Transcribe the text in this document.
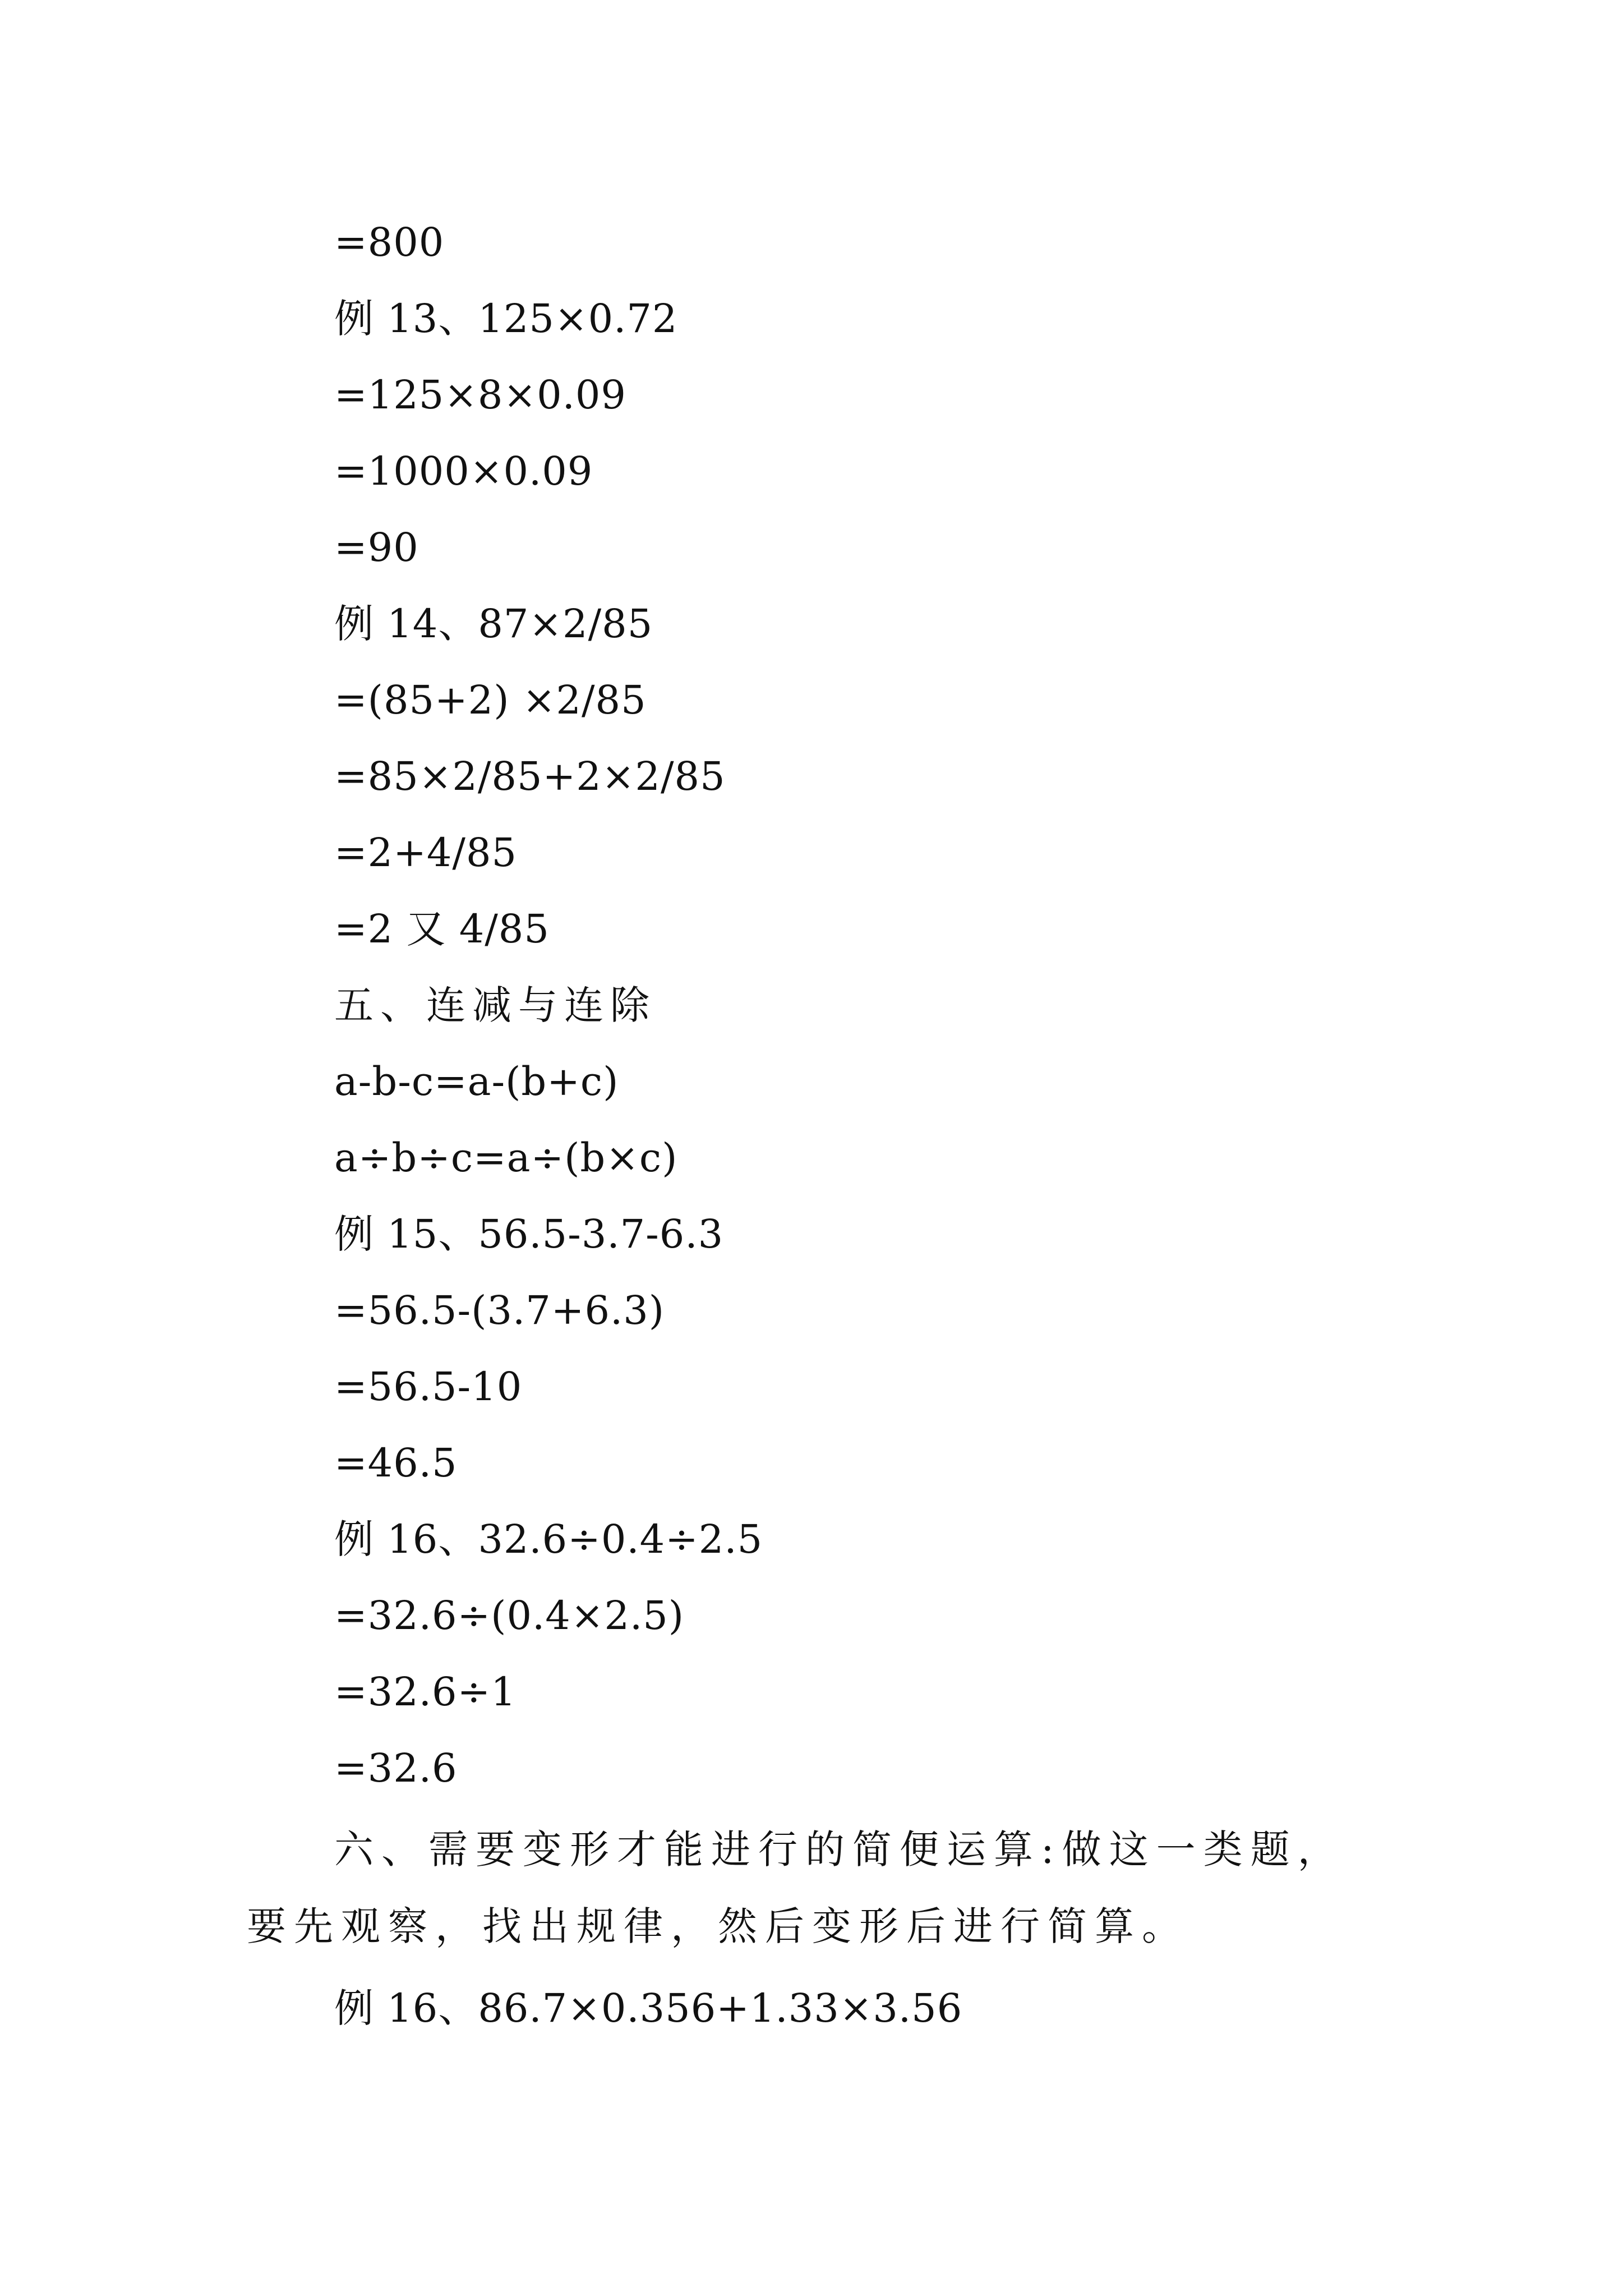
=800
例 13、125×0.72
=125×8×0.09
=1000×0.09
=90
例 14、87×2/85
=(85+2) ×2/85
=85×2/85+2×2/85
=2+4/85
=2 又 4/85
五、连减与连除
a-b-c=a-(b+c)
a÷b÷c=a÷(b×c)
例 15、56.5-3.7-6.3
=56.5-(3.7+6.3)
=56.5-10
=46.5
例 16、32.6÷0.4÷2.5
=32.6÷(0.4×2.5)
=32.6÷1
=32.6
六、需要变形才能进行的简便运算:做这一类题，要先观察，找出规律，然后变形后进行简算。
例 16、86.7×0.356+1.33×3.56
